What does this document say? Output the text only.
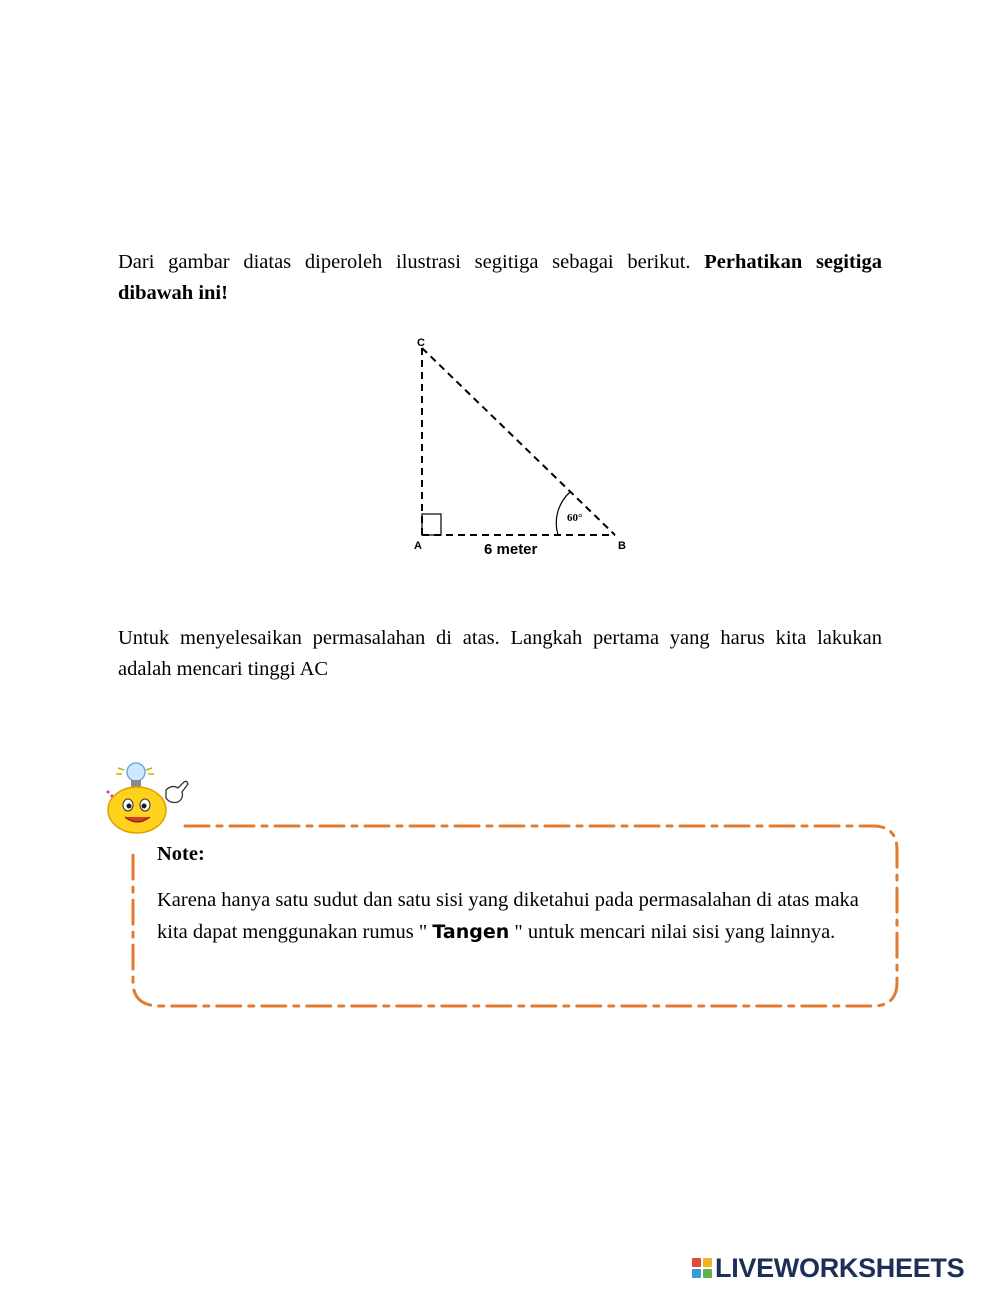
Dari gambar diatas diperoleh ilustrasi segitiga sebagai berikut. Perhatikan segitiga dibawah ini!

C
A	B
6 meter
60°

Untuk menyelesaikan permasalahan di atas. Langkah pertama yang harus kita lakukan adalah mencari tinggi AC

Note:
Karena hanya satu sudut dan satu sisi yang diketahui pada permasalahan di atas maka kita dapat menggunakan rumus " Tangen " untuk mencari nilai sisi yang lainnya.
LIVEWORKSHEETS
